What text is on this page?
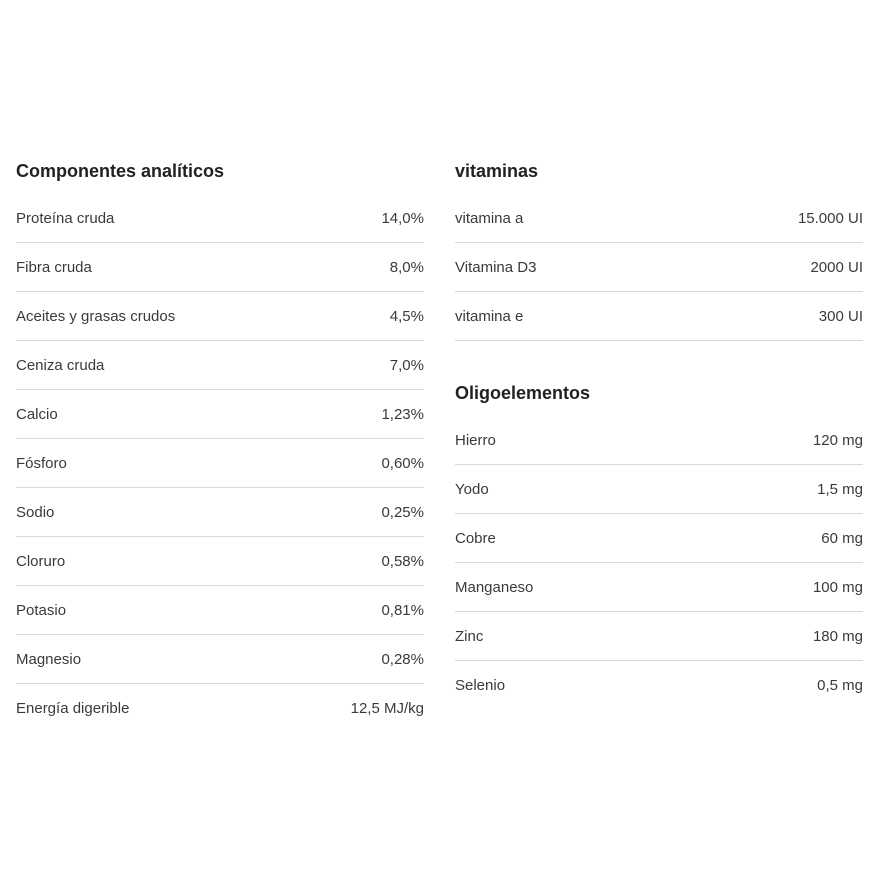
Componentes analíticos
Proteína cruda	14,0%
Fibra cruda	8,0%
Aceites y grasas crudos	4,5%
Ceniza cruda	7,0%
Calcio	1,23%
Fósforo	0,60%
Sodio	0,25%
Cloruro	0,58%
Potasio	0,81%
Magnesio	0,28%
Energía digerible	12,5 MJ/kg
vitaminas
vitamina a	15.000 UI
Vitamina D3	2000 UI
vitamina e	300 UI
Oligoelementos
Hierro	120 mg
Yodo	1,5 mg
Cobre	60 mg
Manganeso	100 mg
Zinc	180 mg
Selenio	0,5 mg
